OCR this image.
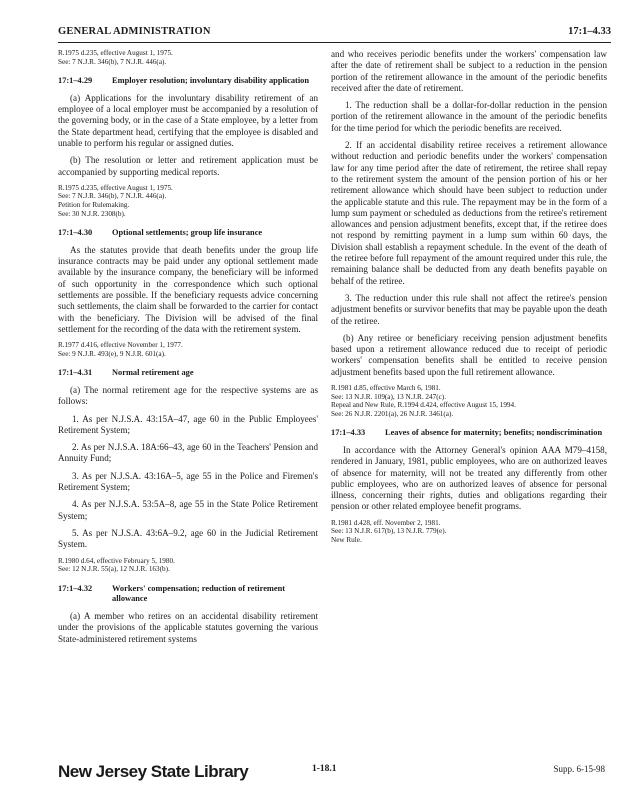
GENERAL ADMINISTRATION	17:1–4.33

R.1975 d.235, effective August 1, 1975.

See: 7 N.J.R. 346(b), 7 N.J.R. 446(a).

17:1–4.29 Employer resolution; involuntary disability application

(a) Applications for the involuntary disability retirement of an employee of a local employer must be accompanied by a resolution of the governing body, or in the case of a State employee, by a letter from the State department head, certifying that the employee is disabled and unable to perform his regular or assigned duties.

(b) The resolution or letter and retirement application must be accompanied by supporting medical reports.

R.1975 d.235, effective August 1, 1975.

See: 7 N.J.R. 346(b), 7 N.J.R. 446(a).

Petition for Rulemaking.

See: 30 N.J.R. 2308(b).

17:1–4.30 Optional settlements; group life insurance

As the statutes provide that death benefits under the group life insurance contracts may be paid under any optional settlement made available by the insurance company, the beneficiary will be informed of such opportunity in the correspondence which such optional settlements are possible. If the beneficiary requests advice concerning such settlements, the claim shall be forwarded to the carrier for contact with the beneficiary. The Division will be advised of the final settlement for the recording of the data with the retirement system.

R.1977 d.416, effective November 1, 1977.

See: 9 N.J.R. 493(e), 9 N.J.R. 601(a).

17:1–4.31 Normal retirement age

(a) The normal retirement age for the respective systems are as follows:

1. As per N.J.S.A. 43:15A–47, age 60 in the Public Employees' Retirement System;

2. As per N.J.S.A. 18A:66–43, age 60 in the Teachers' Pension and Annuity Fund;

3. As per N.J.S.A. 43:16A–5, age 55 in the Police and Firemen's Retirement System;

4. As per N.J.S.A. 53:5A–8, age 55 in the State Police Retirement System;

5. As per N.J.S.A. 43:6A–9.2, age 60 in the Judicial Retirement System.

R.1980 d.64, effective February 5, 1980.

See: 12 N.J.R. 55(a), 12 N.J.R. 163(b).

17:1–4.32 Workers' compensation; reduction of retirement allowance

(a) A member who retires on an accidental disability retirement under the provisions of the applicable statutes governing the various State-administered retirement systems

and who receives periodic benefits under the workers' compensation law after the date of retirement shall be subject to a reduction in the pension portion of the retirement allowance in the amount of the periodic benefits received after the date of retirement.

1. The reduction shall be a dollar-for-dollar reduction in the pension portion of the retirement allowance in the amount of the periodic benefits for the time period for which the periodic benefits are received.

2. If an accidental disability retiree receives a retirement allowance without reduction and periodic benefits under the workers' compensation law for any time period after the date of retirement, the retiree shall repay to the retirement system the amount of the pension portion of his or her retirement allowance which should have been subject to reduction under the applicable statute and this rule. The repayment may be in the form of a lump sum payment or scheduled as deductions from the retiree's retirement allowances and pension adjustment benefits, except that, if the retiree does not respond by remitting payment in a lump sum within 60 days, the Division shall establish a repayment schedule. In the event of the death of the retiree before full repayment of the amount required under this rule, the remaining balance shall be deducted from any death benefits payable on behalf of the retiree.

3. The reduction under this rule shall not affect the retiree's pension adjustment benefits or survivor benefits that may be payable upon the death of the retiree.

(b) Any retiree or beneficiary receiving pension adjustment benefits based upon a retirement allowance reduced due to receipt of periodic workers' compensation benefits shall be entitled to receive pension adjustment benefits based upon the full retirement allowance.

R.1981 d.85, effective March 6, 1981.

See: 13 N.J.R. 109(a), 13 N.J.R. 247(c).

Repeal and New Rule, R.1994 d.424, effective August 15, 1994.

See: 26 N.J.R. 2201(a), 26 N.J.R. 3461(a).

17:1–4.33 Leaves of absence for maternity; benefits; nondiscrimination

In accordance with the Attorney General's opinion AAA M79–4158, rendered in January, 1981, public employees, who are on authorized leaves of absence for maternity, will not be treated any differently from other public employees, who are on authorized leaves of absence for personal illness, concerning their rights, duties and obligations regarding their pension or other related employee benefit programs.

R.1981 d.428, eff. November 2, 1981.

See: 13 N.J.R. 617(b), 13 N.J.R. 779(e).

New Rule.

New Jersey State Library	1-18.1	Supp. 6-15-98
